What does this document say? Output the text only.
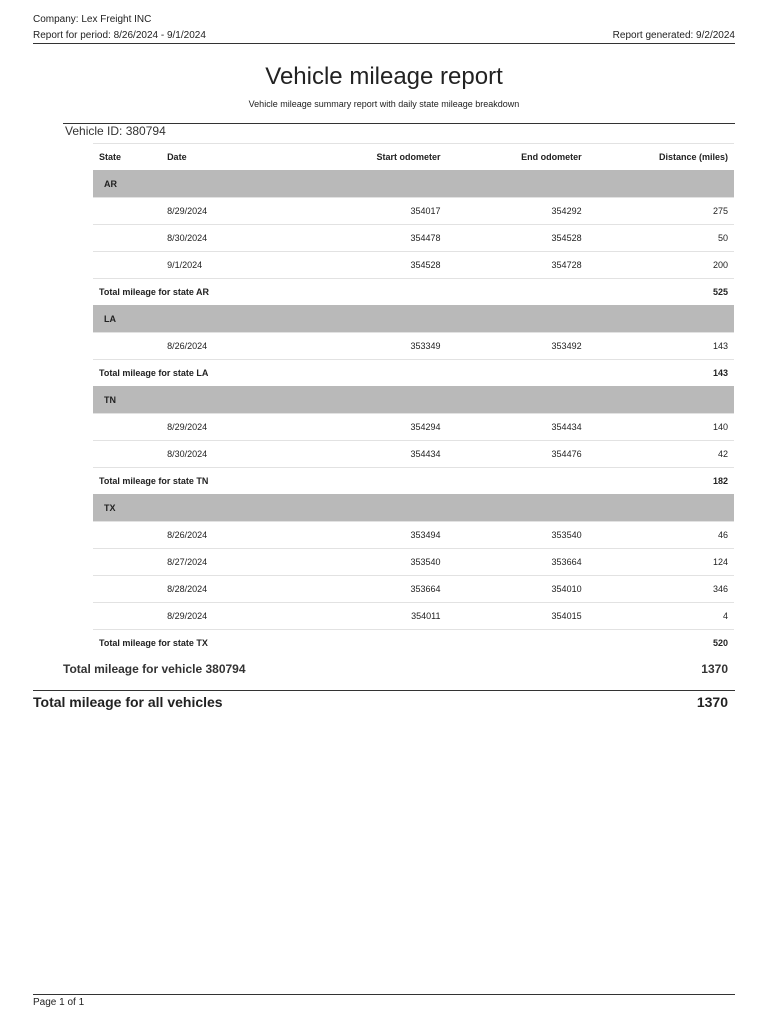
Company: Lex Freight INC
Report for period: 8/26/2024 - 9/1/2024	Report generated: 9/2/2024
Vehicle mileage report
Vehicle mileage summary report with daily state mileage breakdown
Vehicle ID: 380794
State	Date	Start odometer	End odometer	Distance (miles)
AR				
	8/29/2024	354017	354292	275
	8/30/2024	354478	354528	50
	9/1/2024	354528	354728	200
Total mileage for state AR				525
LA				
	8/26/2024	353349	353492	143
Total mileage for state LA				143
TN				
	8/29/2024	354294	354434	140
	8/30/2024	354434	354476	42
Total mileage for state TN				182
TX				
	8/26/2024	353494	353540	46
	8/27/2024	353540	353664	124
	8/28/2024	353664	354010	346
	8/29/2024	354011	354015	4
Total mileage for state TX				520
Total mileage for vehicle 380794	1370
Total mileage for all vehicles	1370
Page 1 of 1
